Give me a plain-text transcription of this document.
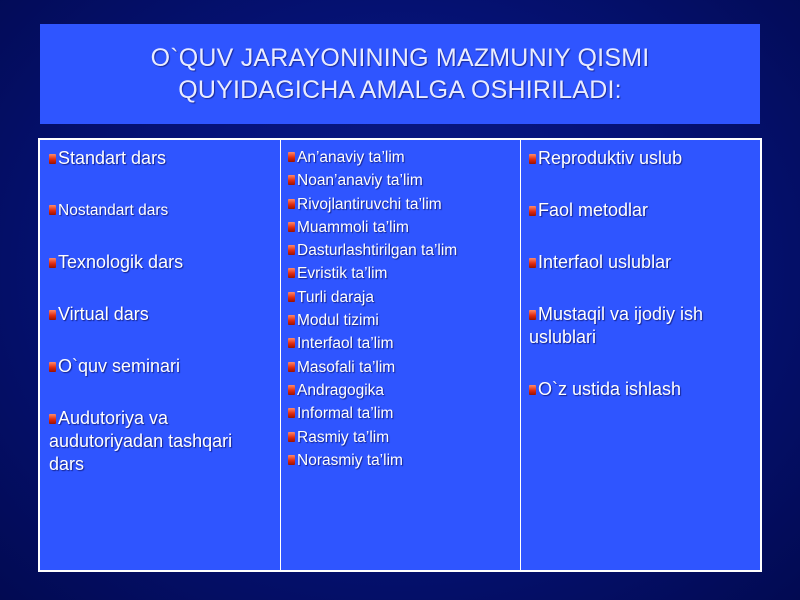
O`QUV JARAYONINING MAZMUNIY QISMI
QUYIDAGICHA AMALGA OSHIRILADI:
Standart dars
Nostandart dars
Texnologik dars
Virtual dars
O`quv seminari
Audutoriya va audutoriyadan tashqari dars
An’anaviy ta’lim
Noan’anaviy ta’lim
Rivojlantiruvchi ta’lim
Muammoli ta’lim
Dasturlashtirilgan ta’lim
Evristik ta’lim
Turli daraja
Modul tizimi
Interfaol ta’lim
Masofali ta’lim
Andragogika
Informal ta’lim
Rasmiy ta’lim
Norasmiy ta’lim
Reproduktiv uslub
Faol metodlar
Interfaol uslublar
Mustaqil va ijodiy ish uslublari
O`z ustida ishlash
